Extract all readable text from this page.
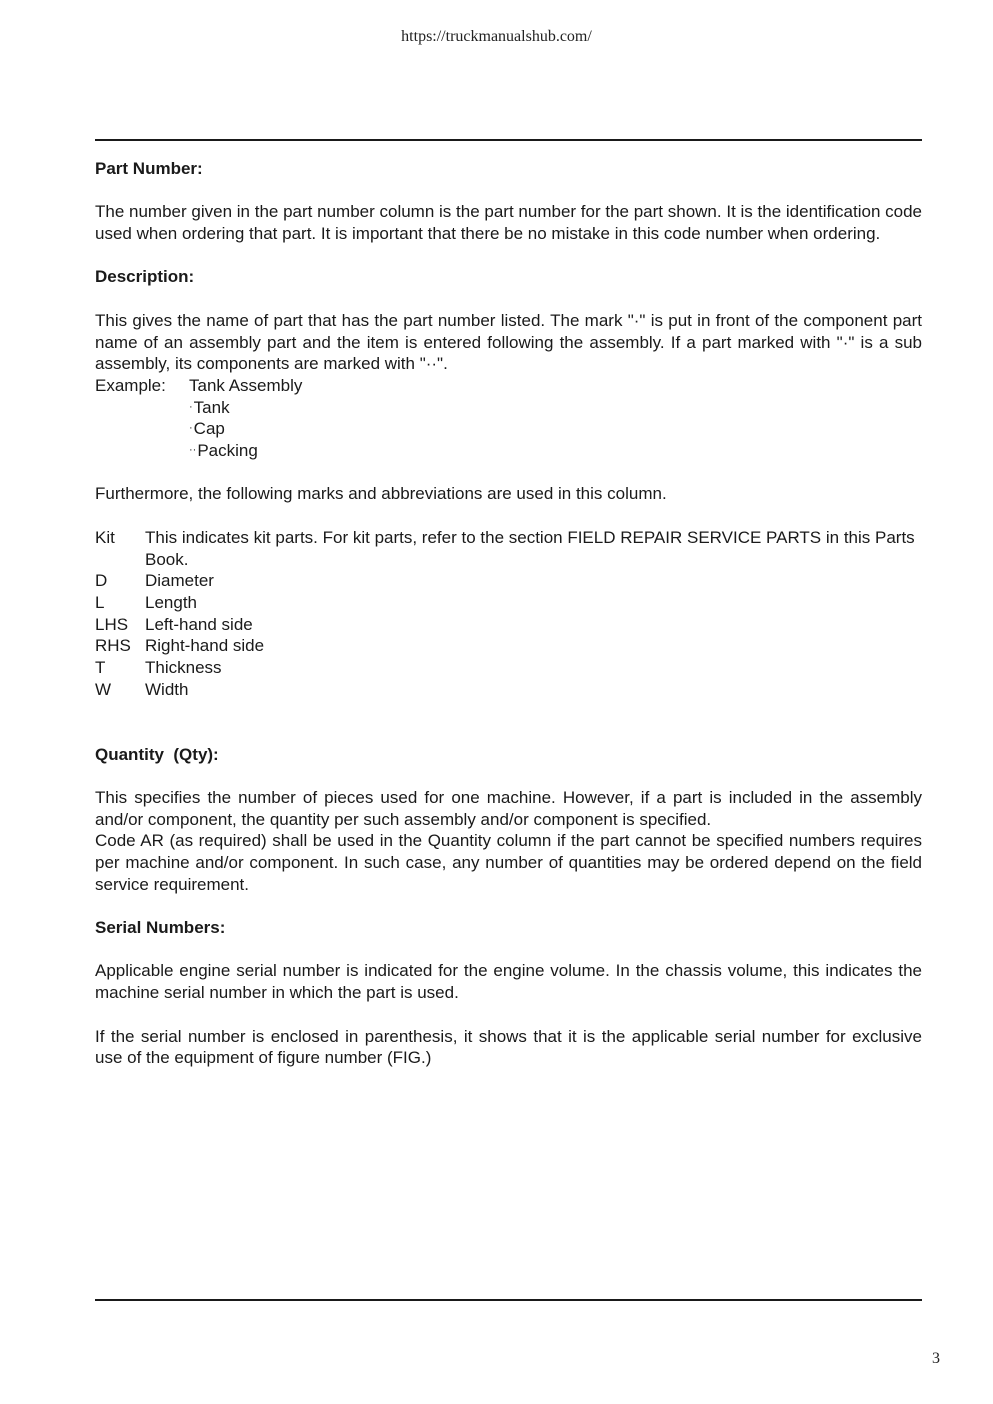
https://truckmanualshub.com/

Part Number:

The number given in the part number column is the part number for the part shown. It is the identification code used when ordering that part. It is important that there be no mistake in this code number when ordering.

Description:

This gives the name of part that has the part number listed. The mark "·" is put in front of the component part name of an assembly part and the item is entered following the assembly. If a part marked with "·" is a sub assembly, its components are marked with "··".

Example:	Tank Assembly
·Tank
·Cap
··Packing

Furthermore, the following marks and abbreviations are used in this column.

Kit	This indicates kit parts. For kit parts, refer to the section FIELD REPAIR SERVICE PARTS in this Parts Book.
D	Diameter
L	Length
LHS Left-hand side
RHS Right-hand side
T	Thickness
W	Width

Quantity  (Qty):

This specifies the number of pieces used for one machine. However, if a part is included in the assembly and/or component, the quantity per such assembly and/or component is specified.

Code AR (as required) shall be used in the Quantity column if the part cannot be specified numbers requires per machine and/or component. In such case, any number of quantities may be ordered depend on the field service requirement.

Serial Numbers:

Applicable engine serial number is indicated for the engine volume. In the chassis volume, this indicates the machine serial number in which the part is used.

If the serial number is enclosed in parenthesis, it shows that it is the applicable serial number for exclusive use of the equipment of figure number (FIG.)

3
